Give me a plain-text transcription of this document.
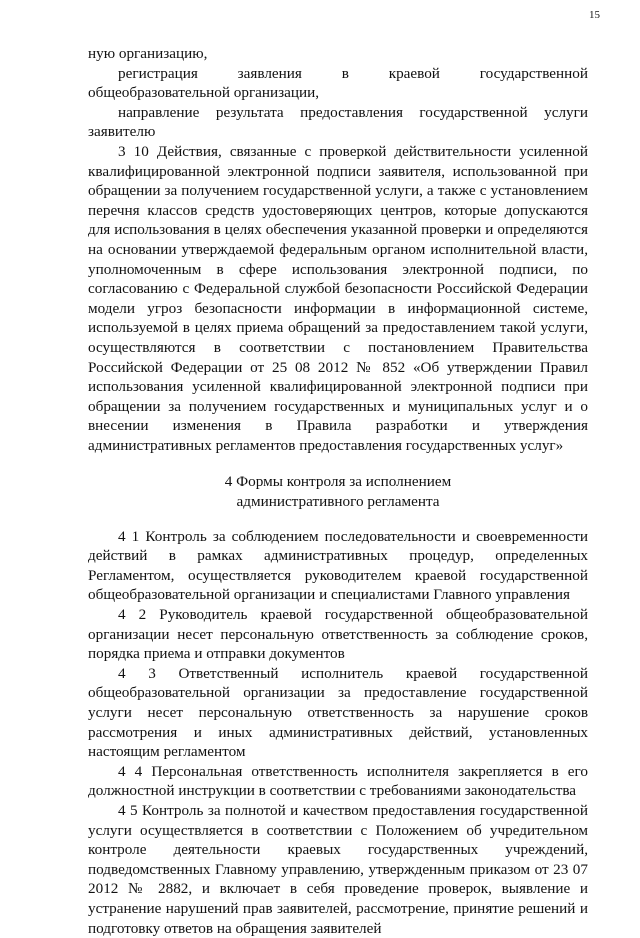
15

ную организацию,

регистрация заявления в краевой государственной общеобразовательной организации,

направление результата предоставления государственной услуги заявителю

3 10 Действия, связанные с проверкой действительности усиленной квалифицированной электронной подписи заявителя, использованной при обращении за получением государственной услуги, а также с установлением перечня классов средств удостоверяющих центров, которые допускаются для использования в целях обеспечения указанной проверки и определяются на основании утверждаемой федеральным органом исполнительной власти, уполномоченным в сфере использования электронной подписи, по согласованию с Федеральной службой безопасности Российской Федерации модели угроз безопасности информации в информационной системе, используемой в целях приема обращений за предоставлением такой услуги, осуществляются в соответствии с постановлением Правительства Российской Федерации от 25 08 2012 № 852 «Об утверждении Правил использования усиленной квалифицированной электронной подписи при обращении за получением государственных и муниципальных услуг и о внесении изменения в Правила разработки и утверждения административных регламентов предоставления государственных услуг»

4 Формы контроля за исполнением
административного регламента

4 1 Контроль за соблюдением последовательности и своевременности действий в рамках административных процедур, определенных Регламентом, осуществляется руководителем краевой государственной общеобразовательной организации и специалистами Главного управления

4 2 Руководитель краевой государственной общеобразовательной организации несет персональную ответственность за соблюдение сроков, порядка приема и отправки документов

4 3 Ответственный исполнитель краевой государственной общеобразовательной организации за предоставление государственной услуги несет персональную ответственность за нарушение сроков рассмотрения и иных административных действий, установленных настоящим регламентом

4 4 Персональная ответственность исполнителя закрепляется в его должностной инструкции в соответствии с требованиями законодательства

4 5 Контроль за полнотой и качеством предоставления государственной услуги осуществляется в соответствии с Положением об учредительном контроле деятельности краевых государственных учреждений, подведомственных Главному управлению, утвержденным приказом от 23 07 2012 № 2882, и включает в себя проведение проверок, выявление и устранение нарушений прав заявителей, рассмотрение, принятие решений и подготовку ответов на обращения заявителей
